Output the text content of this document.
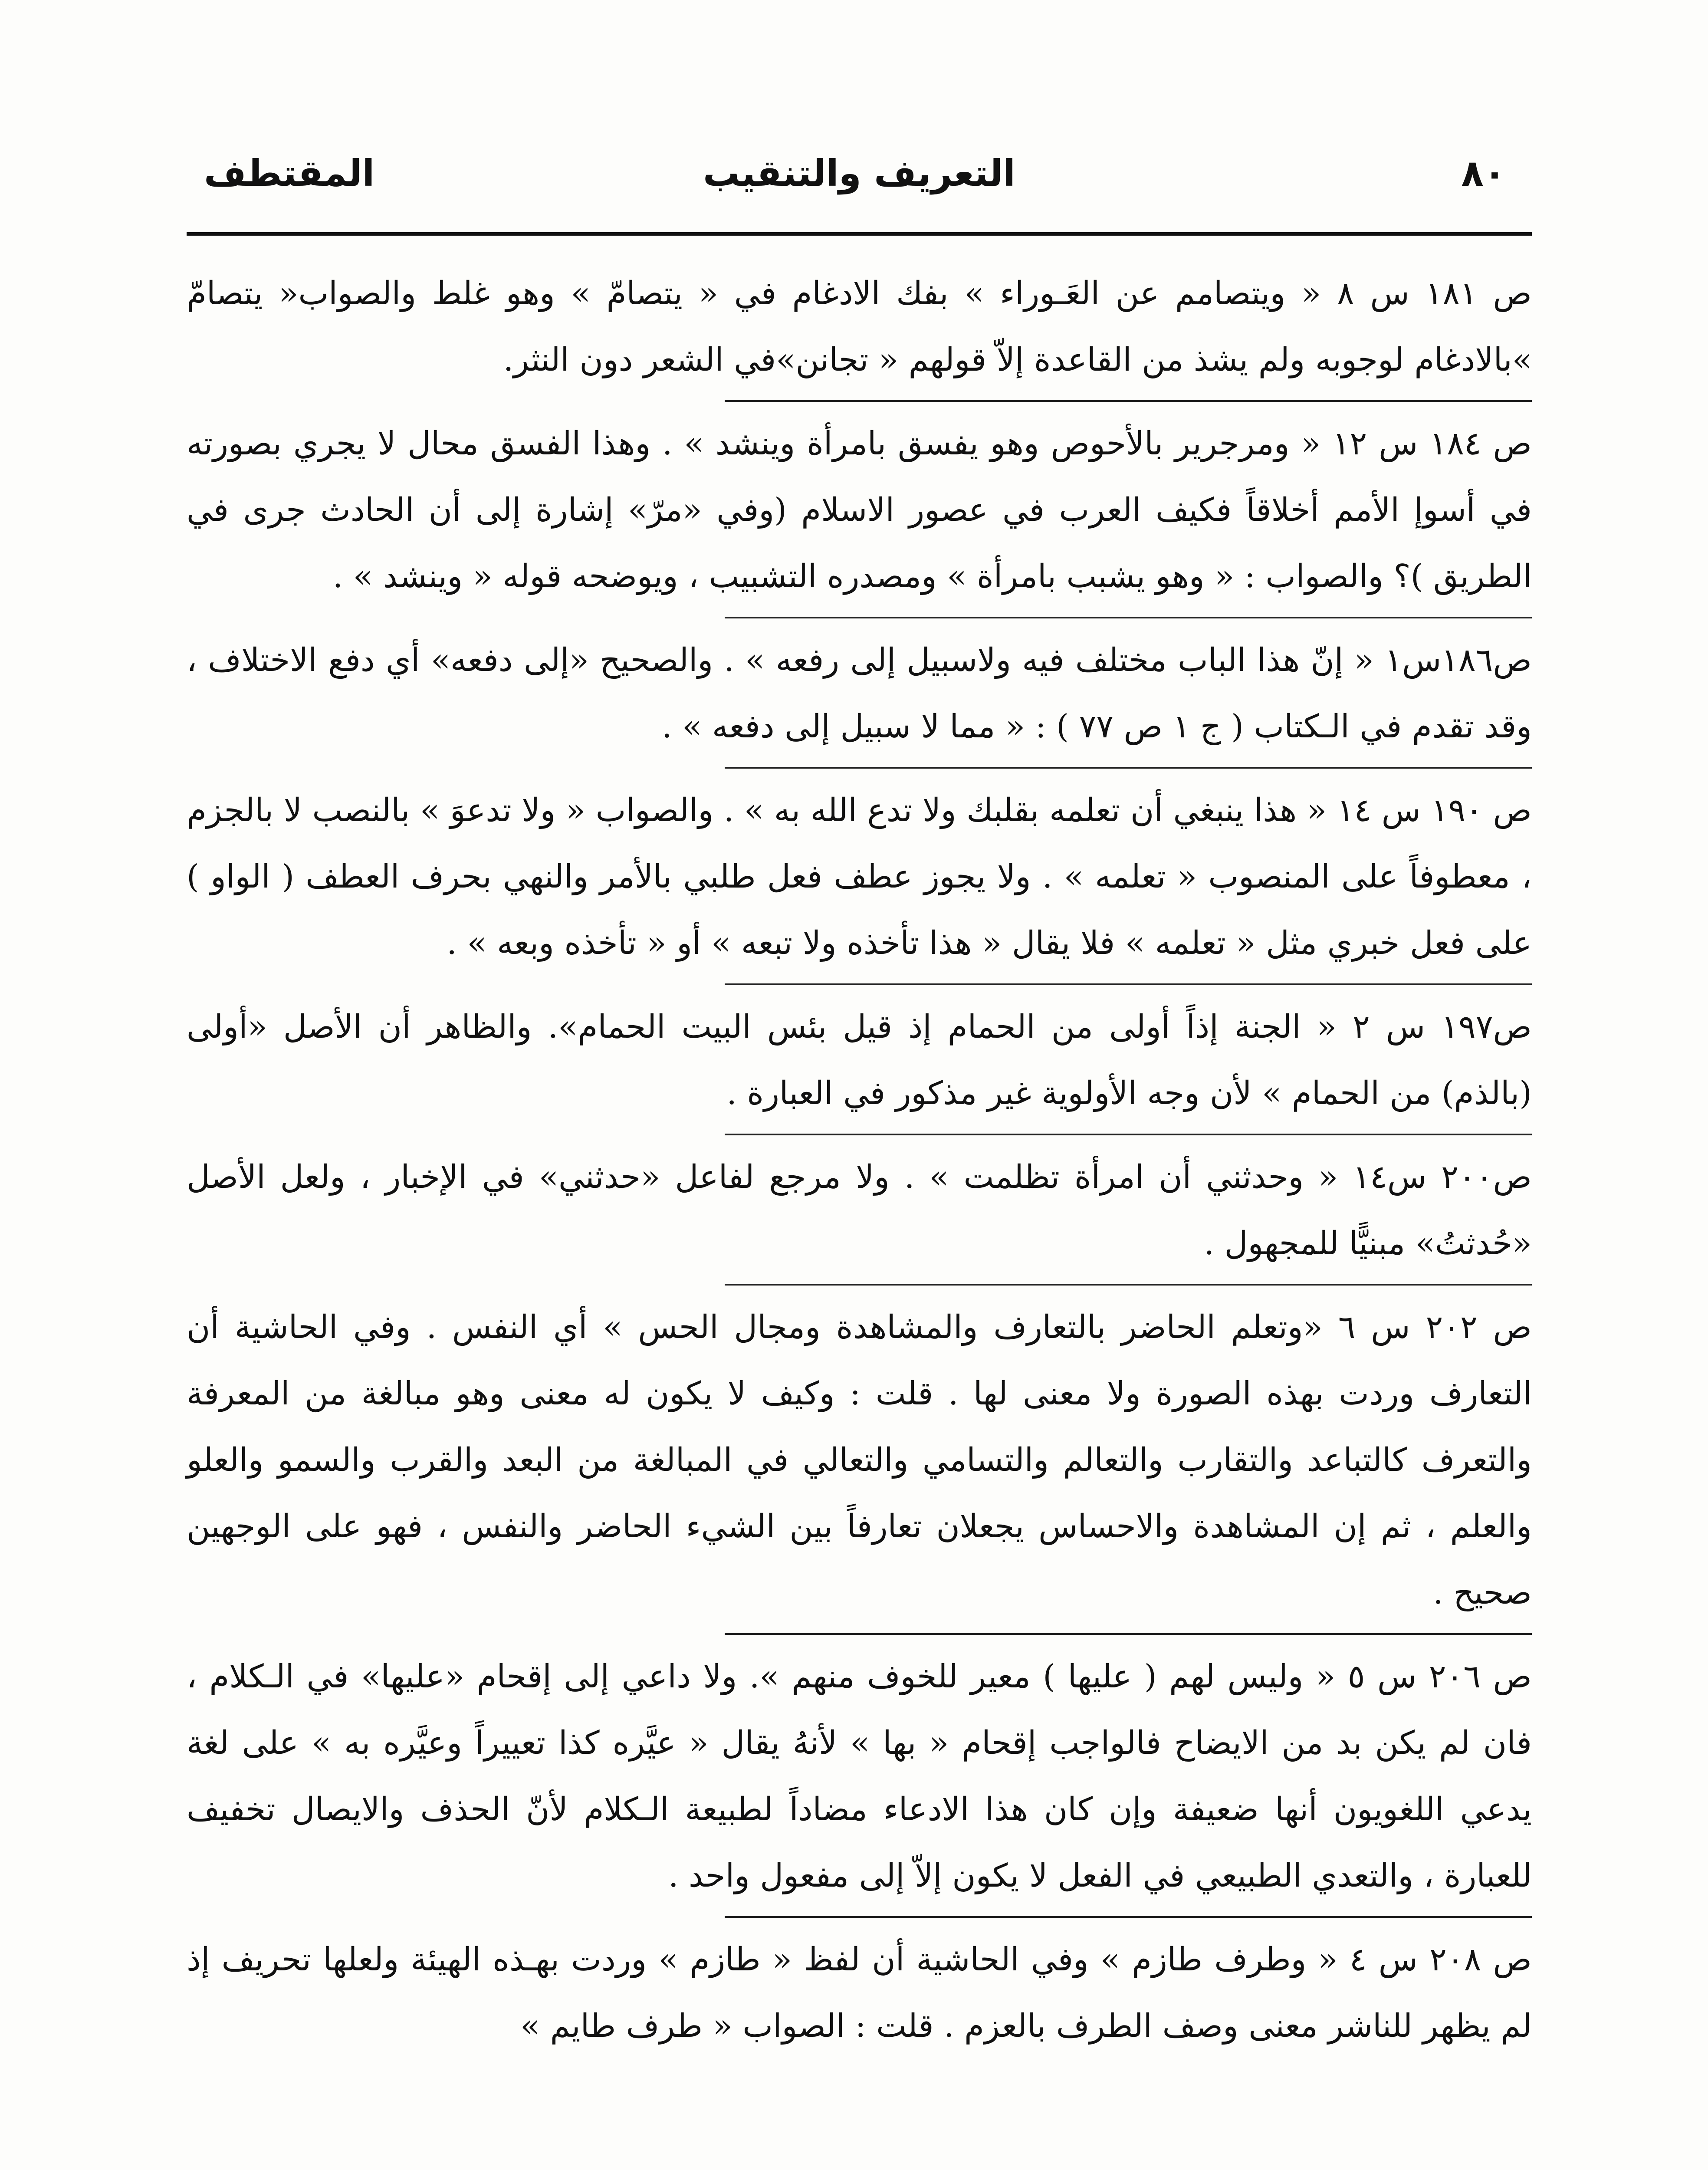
٨٠
التعريف والتنقيب
المقتطف

ص ١٨١ س ٨ « ويتصامم عن العَـوراء » بفك الادغام في « يتصامّ » وهو غلط والصواب« يتصامّ »بالادغام لوجوبه ولم يشذ من القاعدة إلاّ قولهم « تجانن»في الشعر دون النثر.

ص ١٨٤ س ١٢ « ومرجرير بالأحوص وهو يفسق بامرأة وينشد » . وهذا الفسق محال لا يجري بصورته في أسوإ الأمم أخلاقاً فكيف العرب في عصور الاسلام (وفي «مرّ» إشارة إلى أن الحادث جرى في الطريق )؟ والصواب : « وهو يشبب بامرأة » ومصدره التشبيب ، ويوضحه قوله « وينشد » .

ص١٨٦س١ « إنّ هذا الباب مختلف فيه ولاسبيل إلى رفعه » . والصحيح «إلى دفعه» أي دفع الاختلاف ، وقد تقدم في الـكتاب ( ج ١ ص ٧٧ ) : « مما لا سبيل إلى دفعه » .

ص ١٩٠ س ١٤ « هذا ينبغي أن تعلمه بقلبك ولا تدع الله به » . والصواب « ولا تدعوَ » بالنصب لا بالجزم ، معطوفاً على المنصوب « تعلمه » . ولا يجوز عطف فعل طلبي بالأمر والنهي بحرف العطف ( الواو ) على فعل خبري مثل « تعلمه » فلا يقال « هذا تأخذه ولا تبعه » أو « تأخذه وبعه » .

ص١٩٧ س ٢ « الجنة إذاً أولى من الحمام إذ قيل بئس البيت الحمام». والظاهر أن الأصل «أولى (بالذم) من الحمام » لأن وجه الأولوية غير مذكور في العبارة .

ص٢٠٠ س١٤ « وحدثني أن امرأة تظلمت » . ولا مرجع لفاعل «حدثني» في الإخبار ، ولعل الأصل «حُدثتُ» مبنيًّا للمجهول .

ص ٢٠٢ س ٦ «وتعلم الحاضر بالتعارف والمشاهدة ومجال الحس » أي النفس . وفي الحاشية أن التعارف وردت بهذه الصورة ولا معنى لها . قلت : وكيف لا يكون له معنى وهو مبالغة من المعرفة والتعرف كالتباعد والتقارب والتعالم والتسامي والتعالي في المبالغة من البعد والقرب والسمو والعلو والعلم ، ثم إن المشاهدة والاحساس يجعلان تعارفاً بين الشيء الحاضر والنفس ، فهو على الوجهين صحيح .

ص ٢٠٦ س ٥ « وليس لهم ( عليها ) معير للخوف منهم ». ولا داعي إلى إقحام «عليها» في الـكلام ، فان لم يكن بد من الايضاح فالواجب إقحام « بها » لأنهُ يقال « عيَّره كذا تعييراً وعيَّره به » على لغة يدعي اللغويون أنها ضعيفة وإن كان هذا الادعاء مضاداً لطبيعة الـكلام لأنّ الحذف والايصال تخفيف للعبارة ، والتعدي الطبيعي في الفعل لا يكون إلاّ إلى مفعول واحد .

ص ٢٠٨ س ٤ « وطرف طازم » وفي الحاشية أن لفظ « طازم » وردت بهـذه الهيئة ولعلها تحريف إذ لم يظهر للناشر معنى وصف الطرف بالعزم . قلت : الصواب « طرف طايم »
